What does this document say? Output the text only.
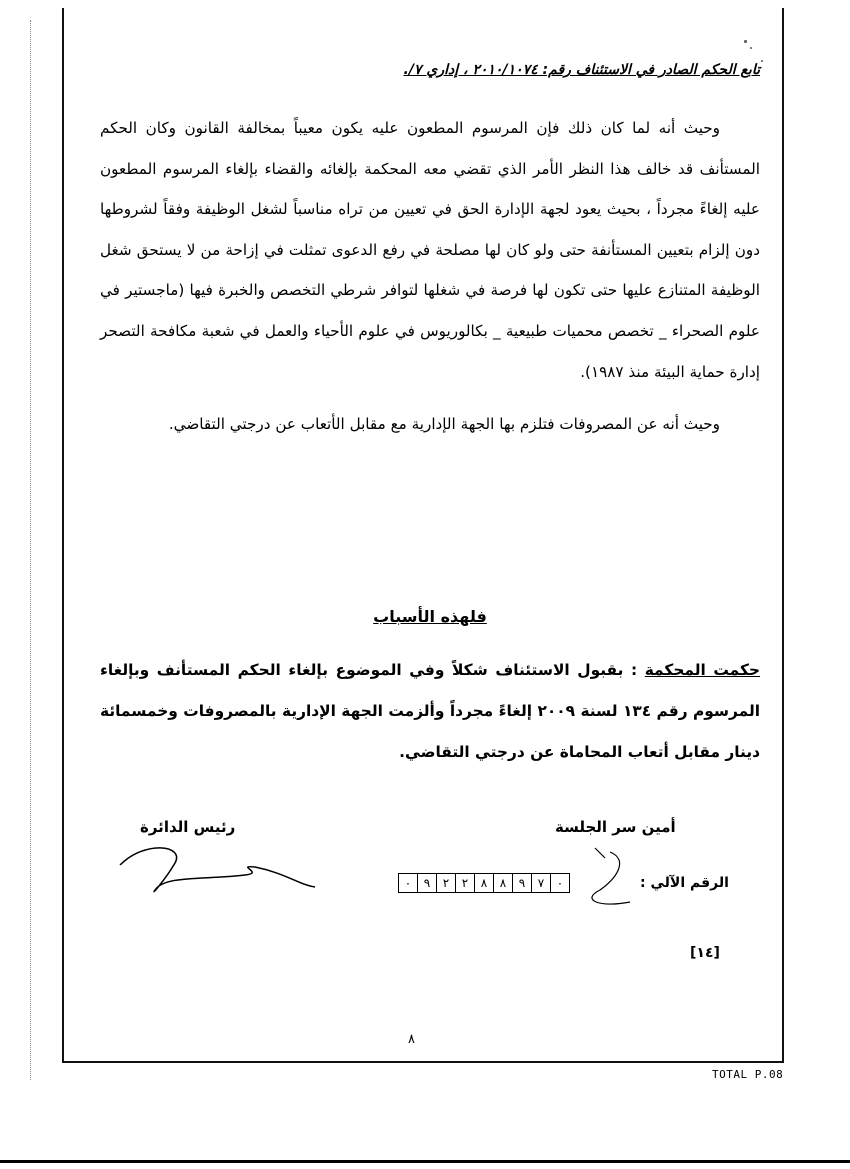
تابع الحكم الصادر في الاستئناف رقم: ٢٠١٠/١٠٧٤ ، إداري ٧/.

وحيث أنه لما كان ذلك فإن المرسوم المطعون عليه يكون معيباً بمخالفة القانون وكان الحكم المستأنف قد خالف هذا النظر الأمر الذي تقضي معه المحكمة بإلغائه والقضاء بإلغاء المرسوم المطعون عليه إلغاءً مجرداً ، بحيث يعود لجهة الإدارة الحق في تعيين من تراه مناسباً لشغل الوظيفة وفقاً لشروطها دون إلزام بتعيين المستأنفة حتى ولو كان لها مصلحة في رفع الدعوى تمثلت في إزاحة من لا يستحق شغل الوظيفة المتنازع عليها حتى تكون لها فرصة في شغلها لتوافر شرطي التخصص والخبرة فيها (ماجستير في علوم الصحراء _ تخصص محميات طبيعية _ بكالوريوس في علوم الأحياء والعمل في شعبة مكافحة التصحر إدارة حماية البيئة منذ ١٩٨٧).

وحيث أنه عن المصروفات فتلزم بها الجهة الإدارية مع مقابل الأتعاب عن درجتي التقاضي.

فلهذه الأسباب
حكمت المحكمة : بقبول الاستئناف شكلاً وفي الموضوع بإلغاء الحكم المستأنف وبإلغاء المرسوم رقم ١٣٤ لسنة ٢٠٠٩ إلغاءً مجرداً وألزمت الجهة الإدارية بالمصروفات وخمسمائة دينار مقابل أتعاب المحاماة عن درجتي التقاضي.
أمين سر الجلسة
رئيس الدائرة
الرقم الآلي :
٠	٩	٢	٢	٨	٨	٩	٧	٠
[١٤]
٨
TOTAL P.08
